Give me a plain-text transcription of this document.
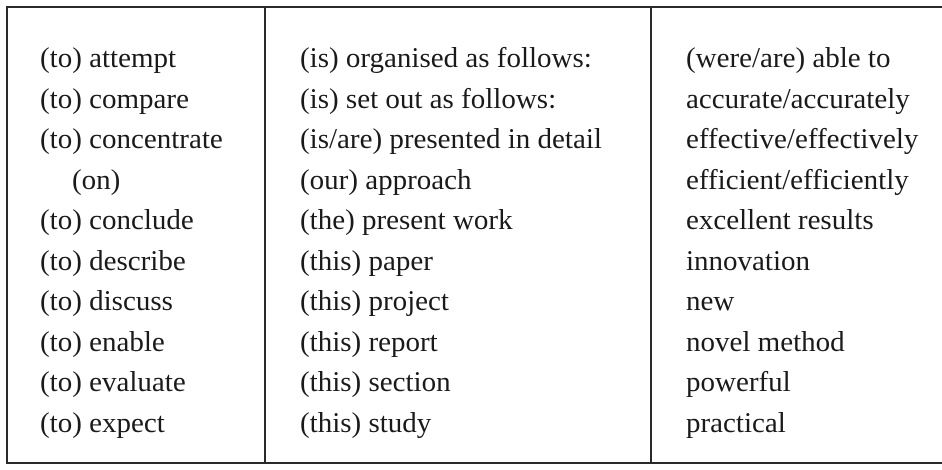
(to) attempt
(to) compare
(to) concentrate
(on)
(to) conclude
(to) describe
(to) discuss
(to) enable
(to) evaluate
(to) expect
(is) organised as follows:
(is) set out as follows:
(is/are) presented in detail
(our) approach
(the) present work
(this) paper
(this) project
(this) report
(this) section
(this) study
(were/are) able to
accurate/accurately
effective/effectively
efficient/efficiently
excellent results
innovation
new
novel method
powerful
practical
